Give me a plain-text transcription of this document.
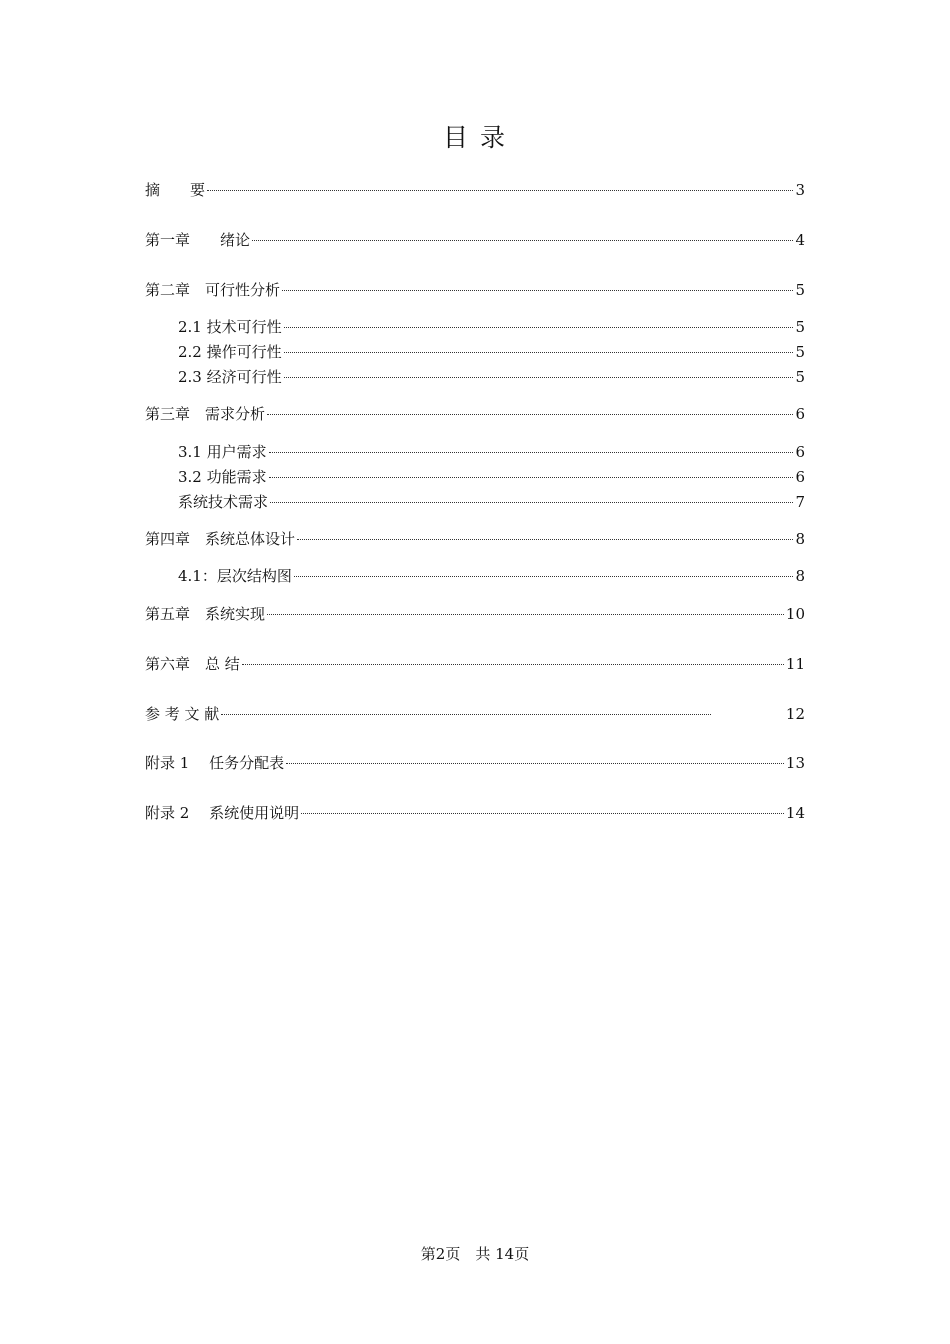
目 录
摘　　要	3
第一章　　绪论	4
第二章　可行性分析	5
2.1 技术可行性	5
2.2 操作可行性	5
2.3 经济可行性	5
第三章　需求分析	6
3.1 用户需求	6
3.2 功能需求	6
系统技术需求	7
第四章　系统总体设计	8
4.1：层次结构图	8
第五章　系统实现	10
第六章　总 结	11
参 考 文 献	12
附录 1　 任务分配表	13
附录 2　 系统使用说明	14
第2页　共 14页
